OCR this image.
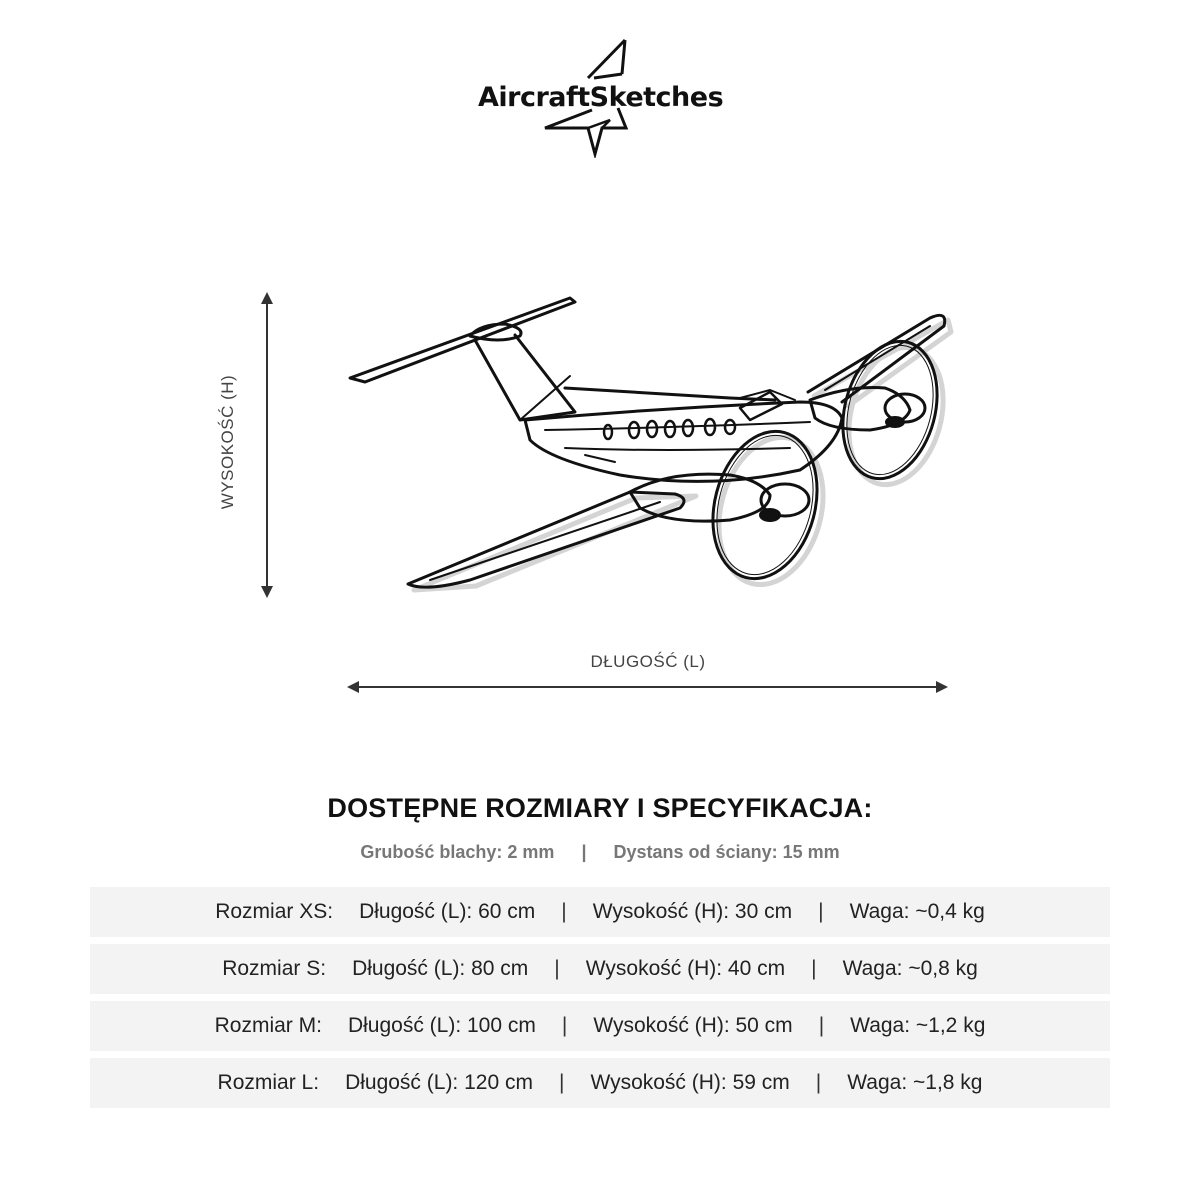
AircraftSketches
WYSOKOŚĆ (H)
DŁUGOŚĆ (L)
DOSTĘPNE ROZMIARY I SPECYFIKACJA:
Grubość blachy: 2 mm | Dystans od ściany: 15 mm
Rozmiar XS: Długość (L): 60 cm | Wysokość (H): 30 cm | Waga: ~0,4 kg
Rozmiar S: Długość (L): 80 cm | Wysokość (H): 40 cm | Waga: ~0,8 kg
Rozmiar M: Długość (L): 100 cm | Wysokość (H): 50 cm | Waga: ~1,2 kg
Rozmiar L: Długość (L): 120 cm | Wysokość (H): 59 cm | Waga: ~1,8 kg
